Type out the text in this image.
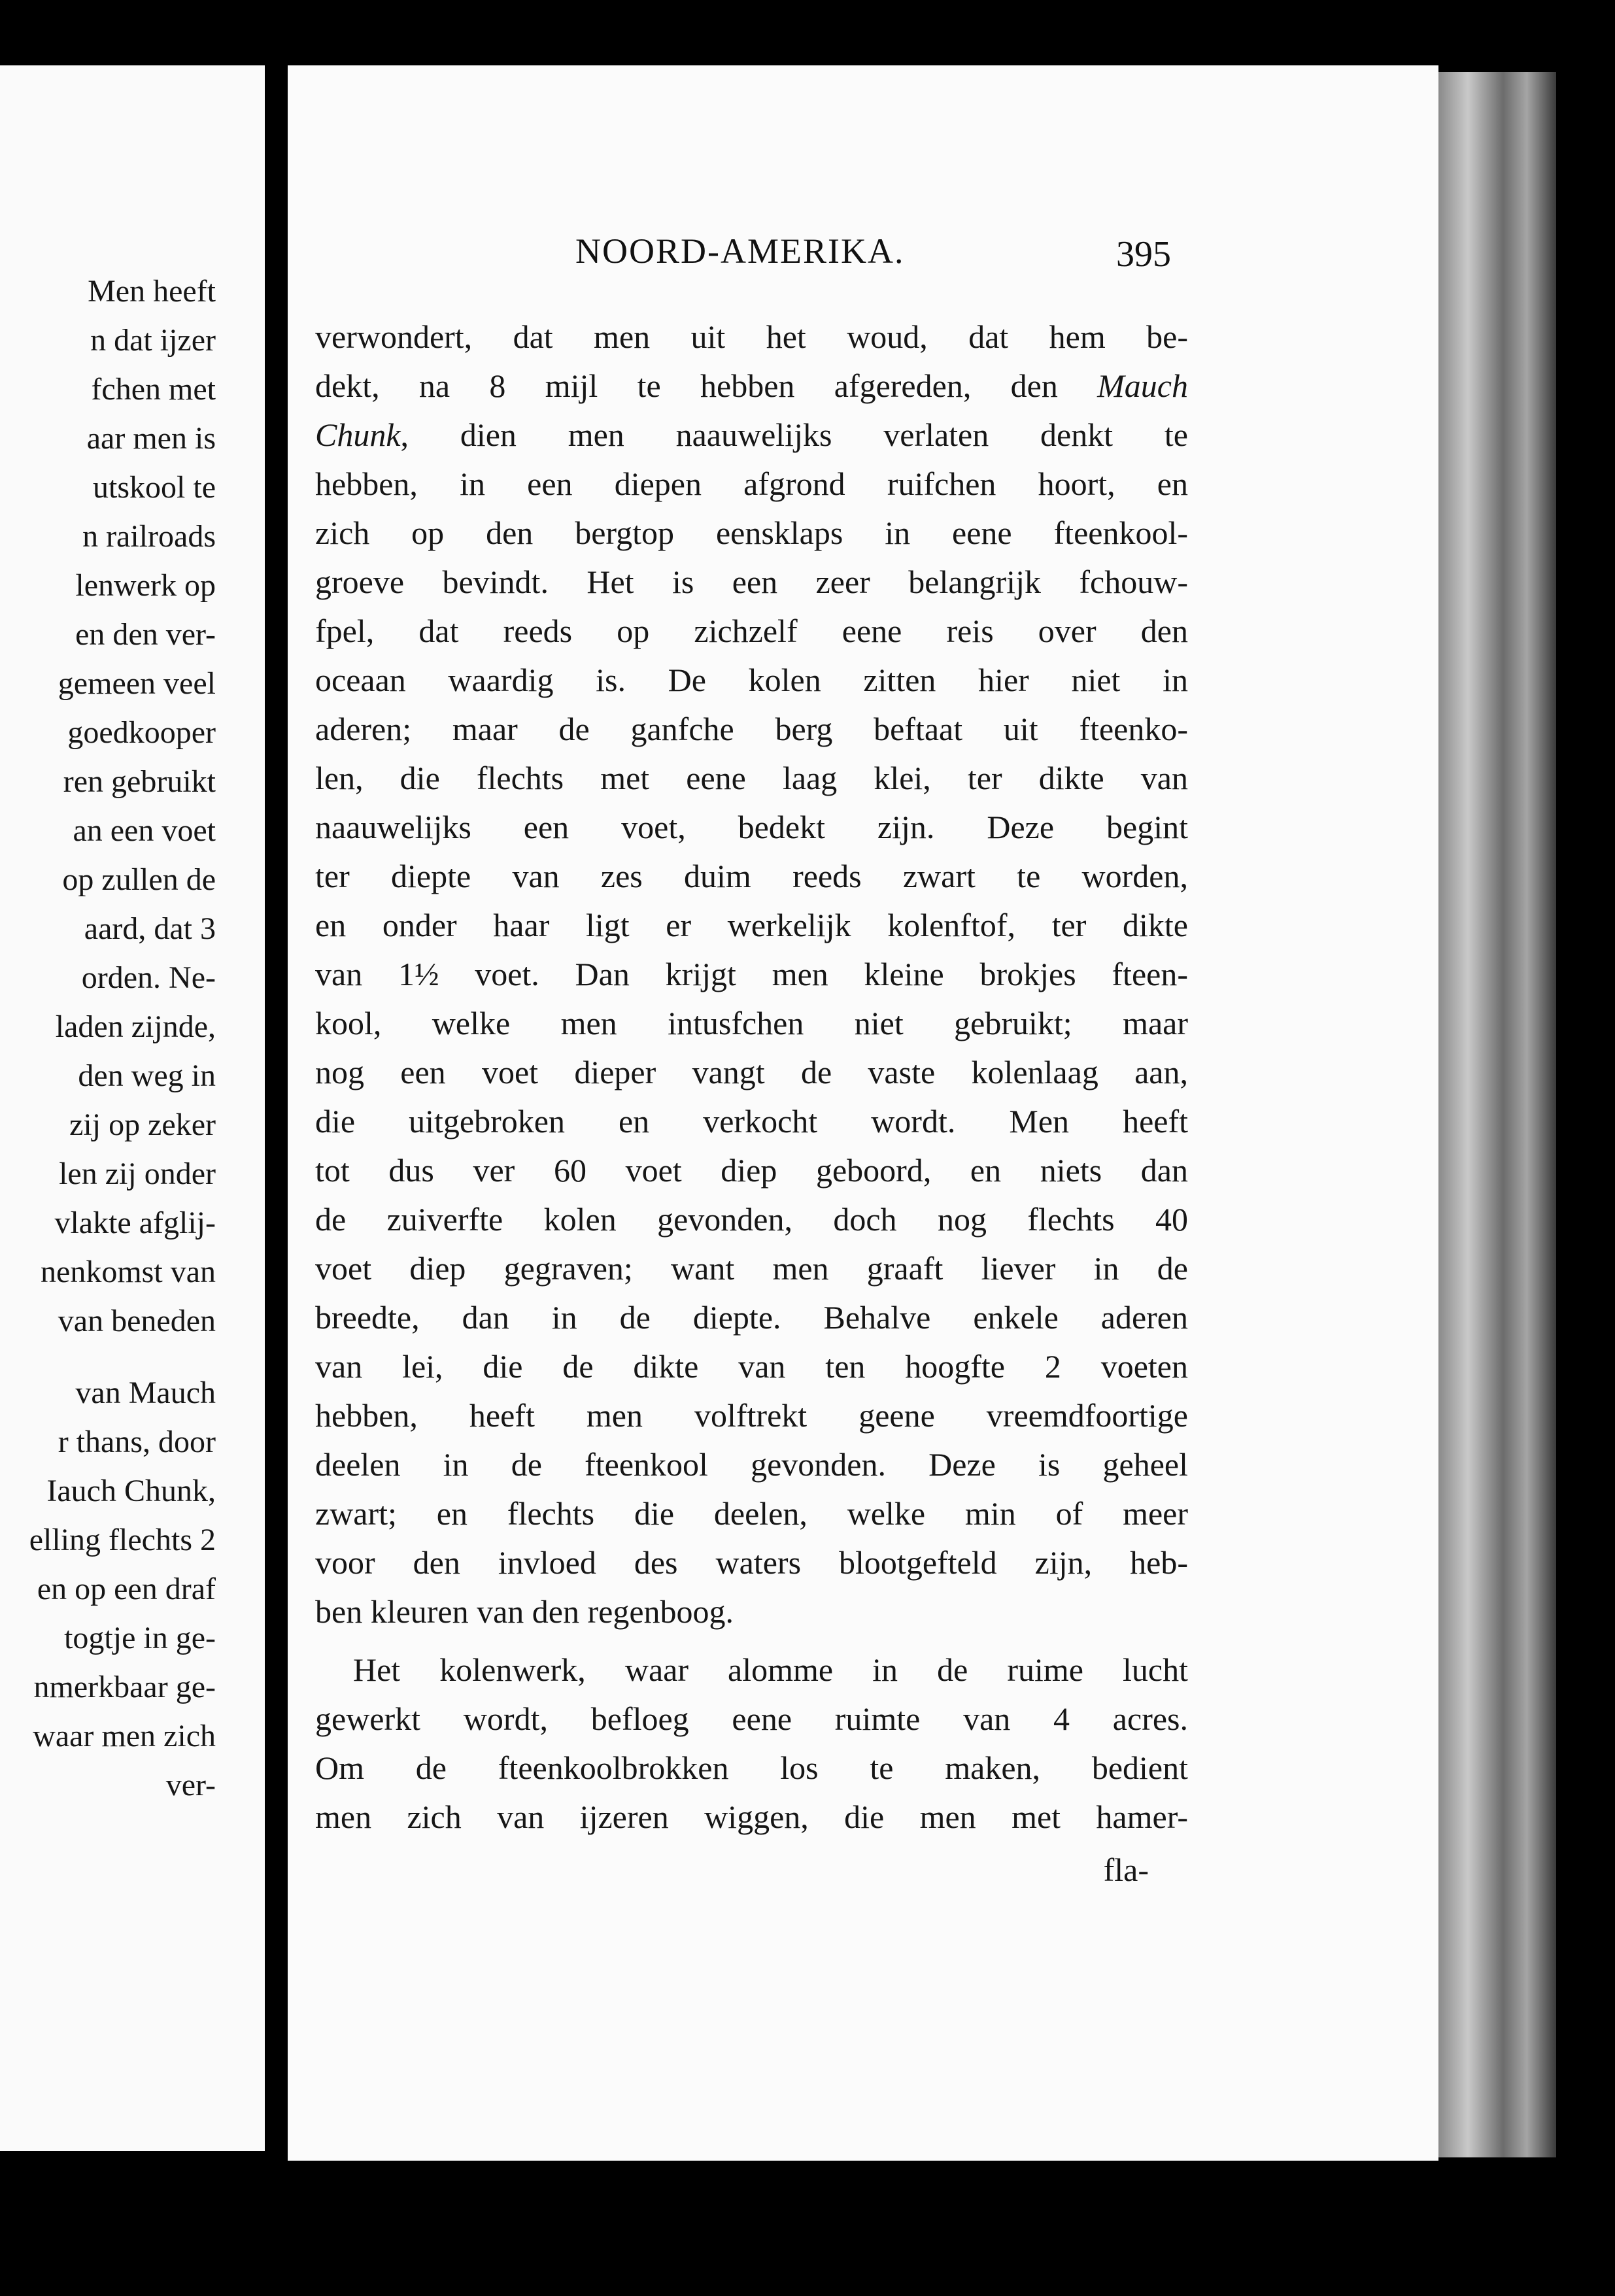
Men heeft
n dat ijzer
fchen met
aar men is
utskool te
n railroads
lenwerk op
en den ver-
gemeen veel
goedkooper
ren gebruikt
an een voet
op zullen de
aard, dat 3
orden. Ne-
laden zijnde,
den weg in
zij op zeker
len zij onder
vlakte afglij-
nenkomst van
van beneden
van Mauch
r thans, door
Iauch Chunk,
elling flechts 2
en op een draf
togtje in ge-
nmerkbaar ge-
waar men zich
ver-
NOORD-AMERIKA.	395
verwondert, dat men uit het woud, dat hem be-
dekt, na 8 mijl te hebben afgereden, den Mauch
Chunk, dien men naauwelijks verlaten denkt te
hebben, in een diepen afgrond ruifchen hoort, en
zich op den bergtop eensklaps in eene fteenkool-
groeve bevindt. Het is een zeer belangrijk fchouw-
fpel, dat reeds op zichzelf eene reis over den
oceaan waardig is. De kolen zitten hier niet in
aderen; maar de ganfche berg beftaat uit fteenko-
len, die flechts met eene laag klei, ter dikte van
naauwelijks een voet, bedekt zijn. Deze begint
ter diepte van zes duim reeds zwart te worden,
en onder haar ligt er werkelijk kolenftof, ter dikte
van 1½ voet. Dan krijgt men kleine brokjes fteen-
kool, welke men intusfchen niet gebruikt; maar
nog een voet dieper vangt de vaste kolenlaag aan,
die uitgebroken en verkocht wordt. Men heeft
tot dus ver 60 voet diep geboord, en niets dan
de zuiverfte kolen gevonden, doch nog flechts 40
voet diep gegraven; want men graaft liever in de
breedte, dan in de diepte. Behalve enkele aderen
van lei, die de dikte van ten hoogfte 2 voeten
hebben, heeft men volftrekt geene vreemdfoortige
deelen in de fteenkool gevonden. Deze is geheel
zwart; en flechts die deelen, welke min of meer
voor den invloed des waters blootgefteld zijn, heb-
ben kleuren van den regenboog.
Het kolenwerk, waar alomme in de ruime lucht
gewerkt wordt, befloeg eene ruimte van 4 acres.
Om de fteenkoolbrokken los te maken, bedient
men zich van ijzeren wiggen, die men met hamer-
fla-
